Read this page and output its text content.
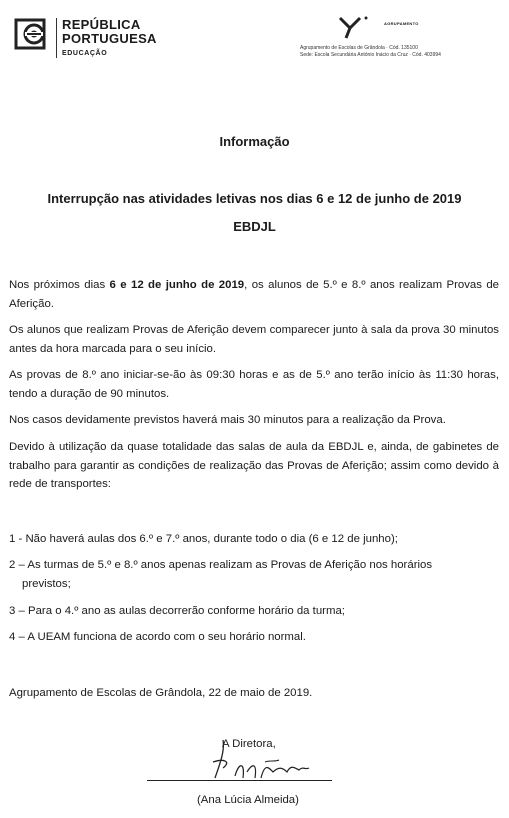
REPÚBLICA
PORTUGUESA
EDUCAÇÃO
AGRUPAMENTO
Agrupamento de Escolas de Grândola · Cód. 135100
Sede: Escola Secundária António Inácio da Cruz · Cód. 403994
Informação
Interrupção nas atividades letivas nos dias 6 e 12 de junho de 2019
EBDJL
Nos próximos dias 6 e 12 de junho de 2019, os alunos de 5.º e 8.º anos realizam Provas de Aferição.
Os alunos que realizam Provas de Aferição devem comparecer junto à sala da prova 30 minutos antes da hora marcada para o seu início.
As provas de 8.º ano iniciar-se-ão às 09:30 horas e as de 5.º ano terão início às 11:30 horas, tendo a duração de 90 minutos.
Nos casos devidamente previstos haverá mais 30 minutos para a realização da Prova.
Devido à utilização da quase totalidade das salas de aula da EBDJL e, ainda, de gabinetes de trabalho para garantir as condições de realização das Provas de Aferição; assim como devido à rede de transportes:
1 - Não haverá aulas dos 6.º e 7.º anos, durante todo o dia (6 e 12 de junho);
2 – As turmas de 5.º e 8.º anos apenas realizam as Provas de Aferição nos horários
previstos;
3 – Para o 4.º ano as aulas decorrerão conforme horário da turma;
4 – A UEAM funciona de acordo com o seu horário normal.
Agrupamento de Escolas de Grândola, 22 de maio de 2019.
A Diretora,
(Ana Lúcia Almeida)
